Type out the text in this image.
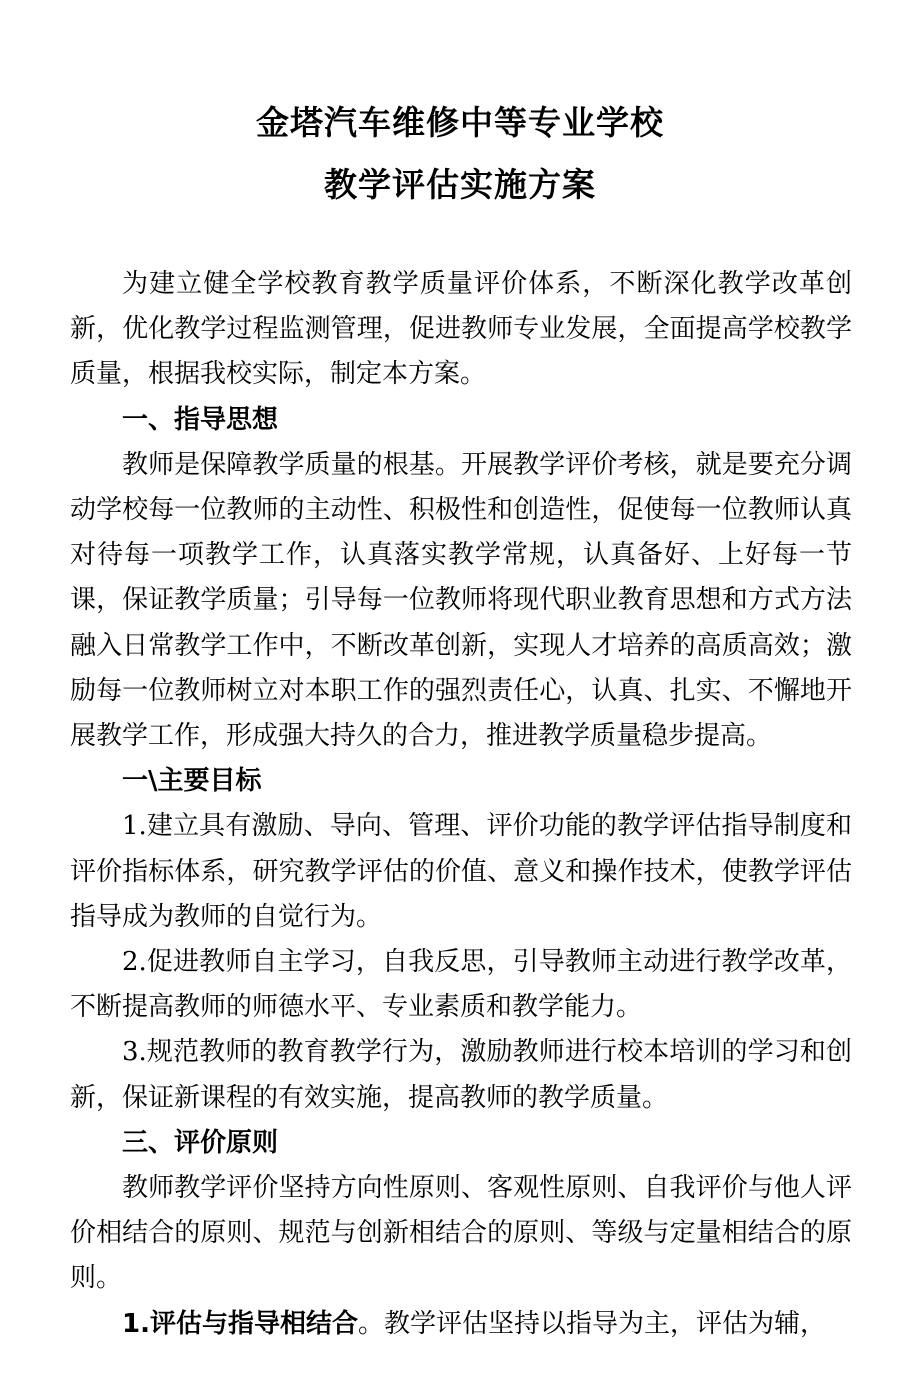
金塔汽车维修中等专业学校
教学评估实施方案

为建立健全学校教育教学质量评价体系，不断深化教学改革创新，优化教学过程监测管理，促进教师专业发展，全面提高学校教学质量，根据我校实际，制定本方案。

一、指导思想

教师是保障教学质量的根基。开展教学评价考核，就是要充分调动学校每一位教师的主动性、积极性和创造性，促使每一位教师认真对待每一项教学工作，认真落实教学常规，认真备好、上好每一节课，保证教学质量；引导每一位教师将现代职业教育思想和方式方法融入日常教学工作中，不断改革创新，实现人才培养的高质高效；激励每一位教师树立对本职工作的强烈责任心，认真、扎实、不懈地开展教学工作，形成强大持久的合力，推进教学质量稳步提高。

一\主要目标

1.建立具有激励、导向、管理、评价功能的教学评估指导制度和评价指标体系，研究教学评估的价值、意义和操作技术，使教学评估指导成为教师的自觉行为。

2.促进教师自主学习，自我反思，引导教师主动进行教学改革，不断提高教师的师德水平、专业素质和教学能力。

3.规范教师的教育教学行为，激励教师进行校本培训的学习和创新，保证新课程的有效实施，提高教师的教学质量。

三、评价原则

教师教学评价坚持方向性原则、客观性原则、自我评价与他人评价相结合的原则、规范与创新相结合的原则、等级与定量相结合的原则。

1.评估与指导相结合。教学评估坚持以指导为主，评估为辅，
